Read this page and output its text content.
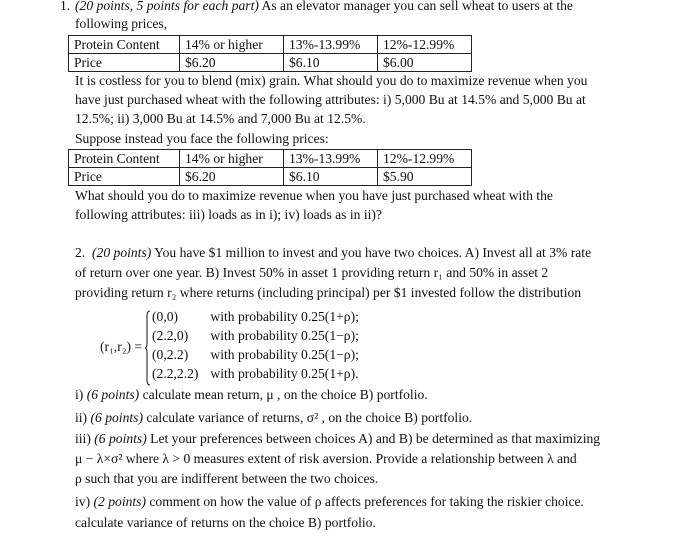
1. (20 points, 5 points for each part) As an elevator manager you can sell wheat to users at the
following prices,
Protein Content	14% or higher	13%-13.99%	12%-12.99%
Price	$6.20	$6.10	$6.00
It is costless for you to blend (mix) grain. What should you do to maximize revenue when you
have just purchased wheat with the following attributes: i) 5,000 Bu at 14.5% and 5,000 Bu at
12.5%; ii) 3,000 Bu at 14.5% and 7,000 Bu at 12.5%.
Suppose instead you face the following prices:
Protein Content	14% or higher	13%-13.99%	12%-12.99%
Price	$6.20	$6.10	$5.90
What should you do to maximize revenue when you have just purchased wheat with the
following attributes: iii) loads as in i); iv) loads as in ii)?
2. (20 points) You have $1 million to invest and you have two choices. A) Invest all at 3% rate
of return over one year. B) Invest 50% in asset 1 providing return r₁ and 50% in asset 2
providing return r₂ where returns (including principal) per $1 invested follow the distribution
(r₁,r₂) =
(0,0) with probability 0.25(1+ρ);
(2.2,0) with probability 0.25(1−ρ);
(0,2.2) with probability 0.25(1−ρ);
(2.2,2.2) with probability 0.25(1+ρ).
i) (6 points) calculate mean return, μ , on the choice B) portfolio.
ii) (6 points) calculate variance of returns, σ² , on the choice B) portfolio.
iii) (6 points) Let your preferences between choices A) and B) be determined as that maximizing
μ − λ×σ² where λ > 0 measures extent of risk aversion. Provide a relationship between λ and
ρ such that you are indifferent between the two choices.
iv) (2 points) comment on how the value of ρ affects preferences for taking the riskier choice.
calculate variance of returns on the choice B) portfolio.
